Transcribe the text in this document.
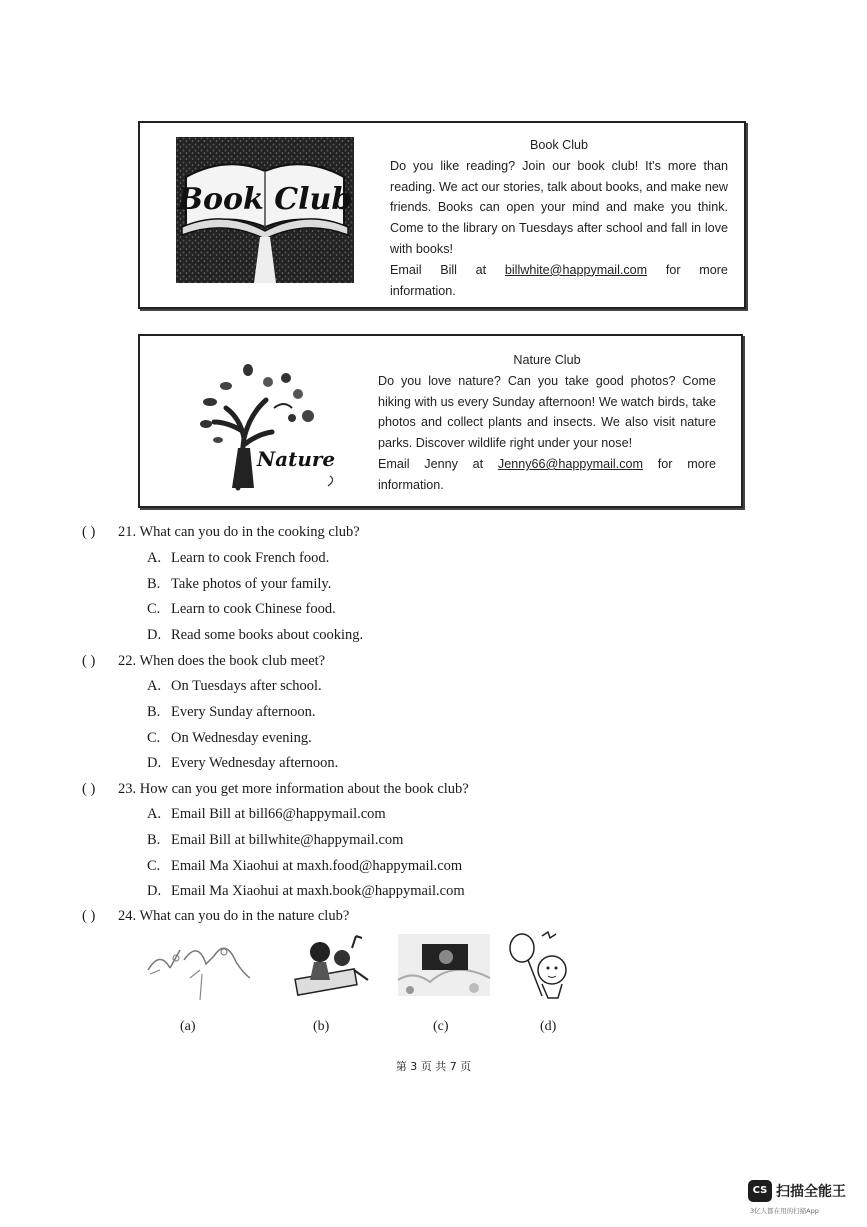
Book Club
Book Club
Do you like reading? Join our book club! It's more than reading. We act our stories, talk about books, and make new friends. Books can open your mind and make you think. Come to the library on Tuesdays after school and fall in love with books!
Email Bill at billwhite@happymail.com for more
information.
Nature
Nature Club
Do you love nature? Can you take good photos? Come hiking with us every Sunday afternoon! We watch birds, take photos and collect plants and insects. We also visit nature parks. Discover wildlife right under your nose!
Email Jenny at Jenny66@happymail.com for more
information.
( ) 21. What can you do in the cooking club?
A. Learn to cook French food.
B. Take photos of your family.
C. Learn to cook Chinese food.
D. Read some books about cooking.
( ) 22. When does the book club meet?
A. On Tuesdays after school.
B. Every Sunday afternoon.
C. On Wednesday evening.
D. Every Wednesday afternoon.
( ) 23. How can you get more information about the book club?
A. Email Bill at bill66@happymail.com
B. Email Bill at billwhite@happymail.com
C. Email Ma Xiaohui at maxh.food@happymail.com
D. Email Ma Xiaohui at maxh.book@happymail.com
( ) 24. What can you do in the nature club?
(a)	(b)	(c)	(d)
第 3 页 共 7 页
CS 扫描全能王
3亿人都在用的扫描App
